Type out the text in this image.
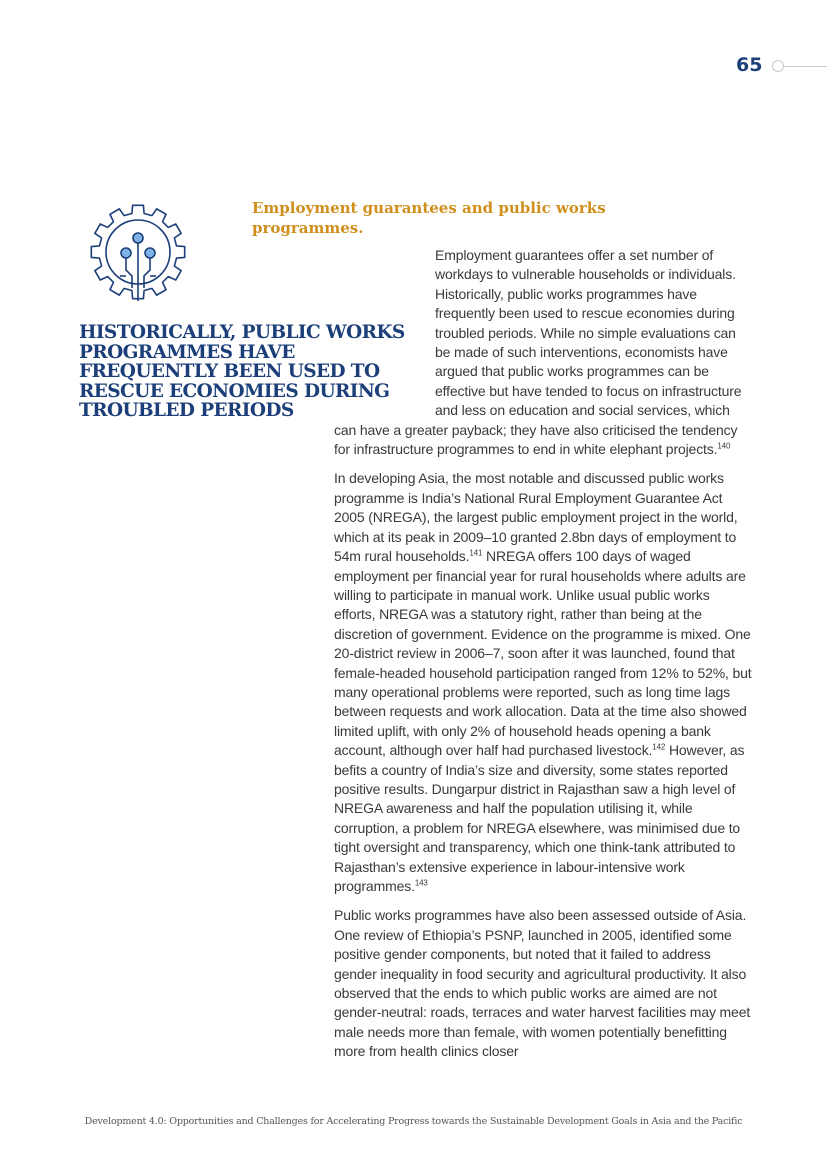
65
Employment guarantees and public works programmes.
HISTORICALLY, PUBLIC WORKS PROGRAMMES HAVE FREQUENTLY BEEN USED TO RESCUE ECONOMIES DURING TROUBLED PERIODS

Employment guarantees offer a set number of workdays to vulnerable households or individuals. Historically, public works programmes have frequently been used to rescue economies during troubled periods. While no simple evaluations can be made of such interventions, economists have argued that public works programmes can be effective but have tended to focus on infrastructure and less on education and social services, which can have a greater payback; they have also criticised the tendency for infrastructure programmes to end in white elephant projects.$^{140}$

In developing Asia, the most notable and discussed public works programme is India’s National Rural Employment Guarantee Act 2005 (NREGA), the largest public employment project in the world, which at its peak in 2009–10 granted 2.8bn days of employment to 54m rural households.$^{141}$ NREGA offers 100 days of waged employment per financial year for rural households where adults are willing to participate in manual work. Unlike usual public works efforts, NREGA was a statutory right, rather than being at the discretion of government. Evidence on the programme is mixed. One 20-district review in 2006–7, soon after it was launched, found that female-headed household participation ranged from 12% to 52%, but many operational problems were reported, such as long time lags between requests and work allocation. Data at the time also showed limited uplift, with only 2% of household heads opening a bank account, although over half had purchased livestock.$^{142}$ However, as befits a country of India’s size and diversity, some states reported positive results. Dungarpur district in Rajasthan saw a high level of NREGA awareness and half the population utilising it, while corruption, a problem for NREGA elsewhere, was minimised due to tight oversight and transparency, which one think-tank attributed to Rajasthan’s extensive experience in labour-intensive work programmes.$^{143}$

Public works programmes have also been assessed outside of Asia. One review of Ethiopia’s PSNP, launched in 2005, identified some positive gender components, but noted that it failed to address gender inequality in food security and agricultural productivity. It also observed that the ends to which public works are aimed are not gender-neutral: roads, terraces and water harvest facilities may meet male needs more than female, with women potentially benefitting more from health clinics closer

Development 4.0: Opportunities and Challenges for Accelerating Progress towards the Sustainable Development Goals in Asia and the Pacific
